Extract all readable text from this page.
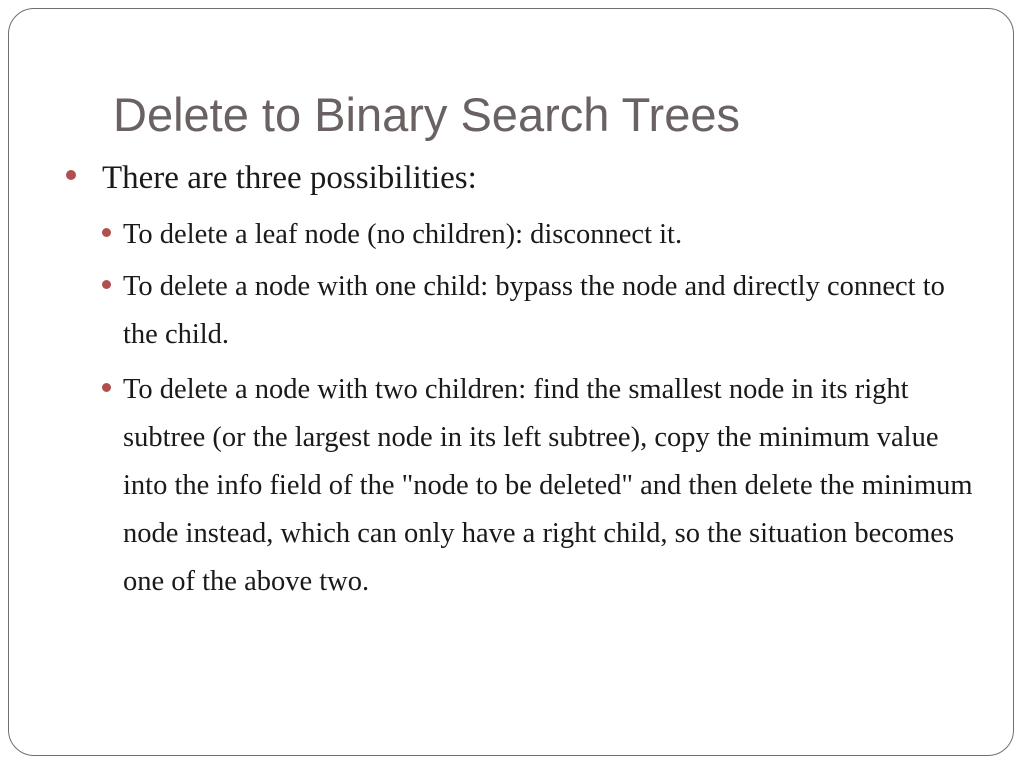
Delete to Binary Search Trees
There are three possibilities:
To delete a leaf node (no children): disconnect it.
To delete a node with one child: bypass the node and directly connect to the child.
To delete a node with two children: find the smallest node in its right subtree (or the largest node in its left subtree), copy the minimum value into the info field of the "node to be deleted" and then delete the minimum node instead, which can only have a right child, so the situation becomes one of the above two.
